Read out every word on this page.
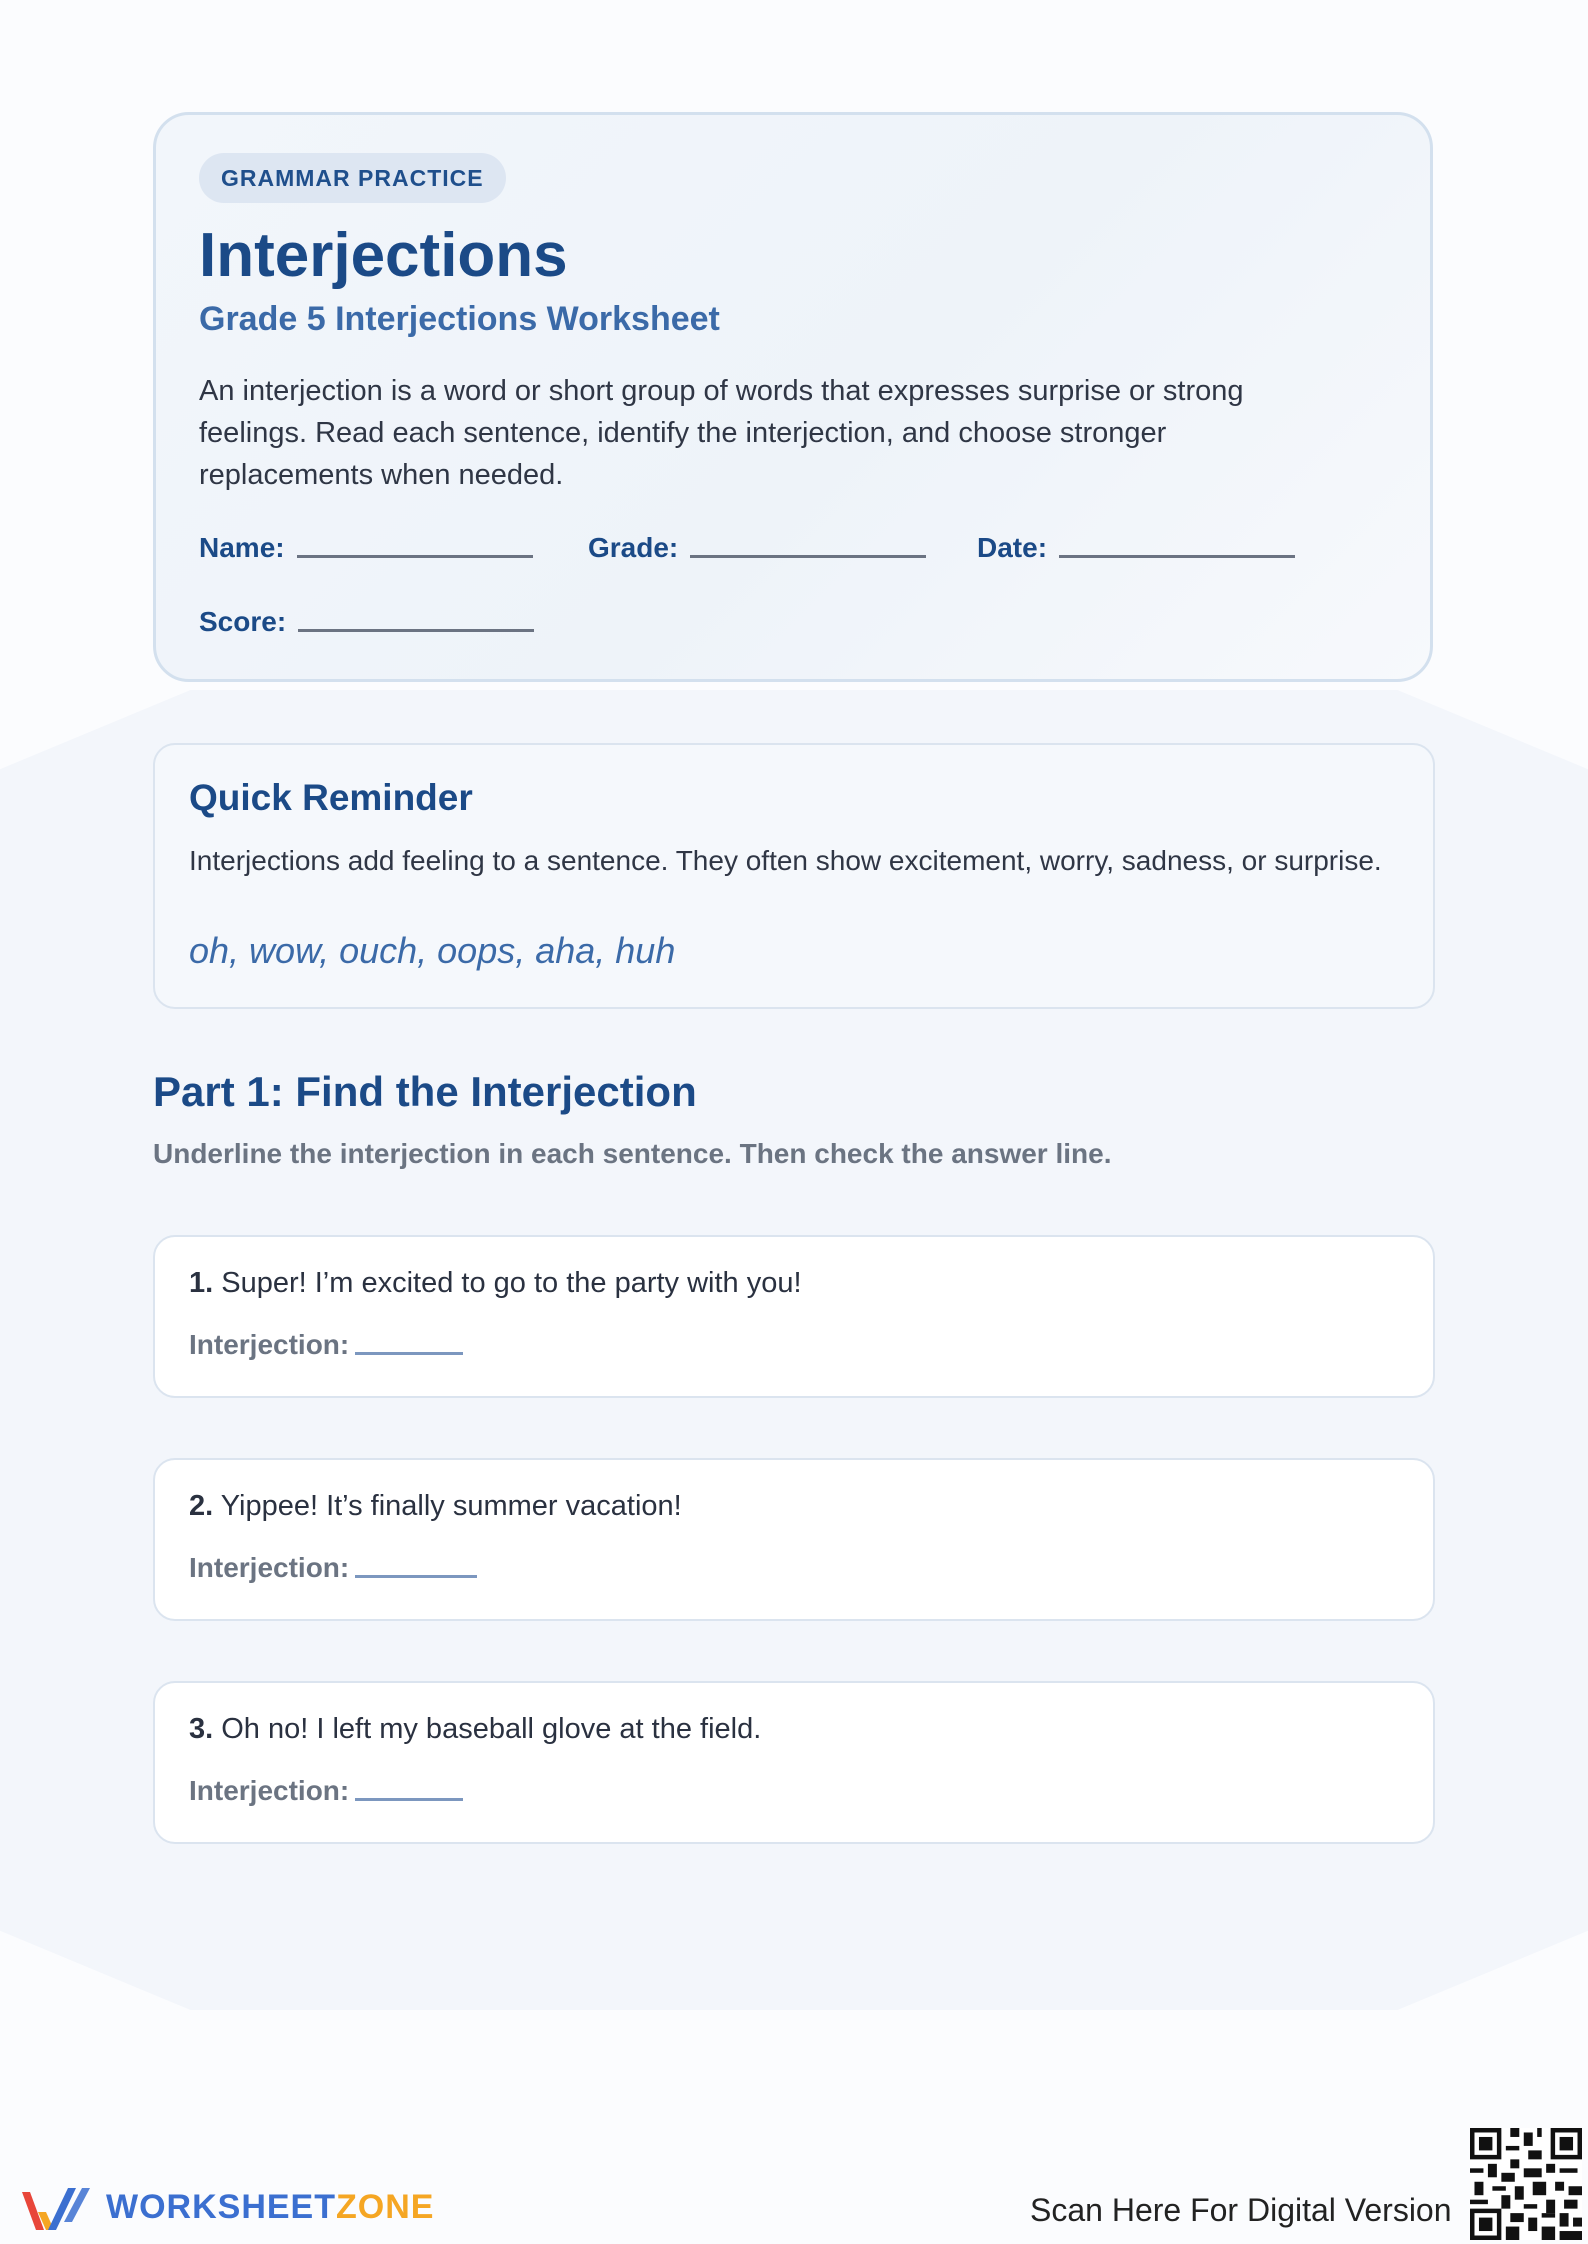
GRAMMAR PRACTICE
Interjections
Grade 5 Interjections Worksheet

An interjection is a word or short group of words that expresses surprise or strong feelings. Read each sentence, identify the interjection, and choose stronger replacements when needed.

Name:	Grade:	Date:
Score:
Quick Reminder

Interjections add feeling to a sentence. They often show excitement, worry, sadness, or surprise.

oh, wow, ouch, oops, aha, huh

Part 1: Find the Interjection

Underline the interjection in each sentence. Then check the answer line.

1. Super! I’m excited to go to the party with you!

Interjection:

2. Yippee! It’s finally summer vacation!

Interjection:

3. Oh no! I left my baseball glove at the field.

Interjection:

WORKSHEETZONE	Scan Here For Digital Version
